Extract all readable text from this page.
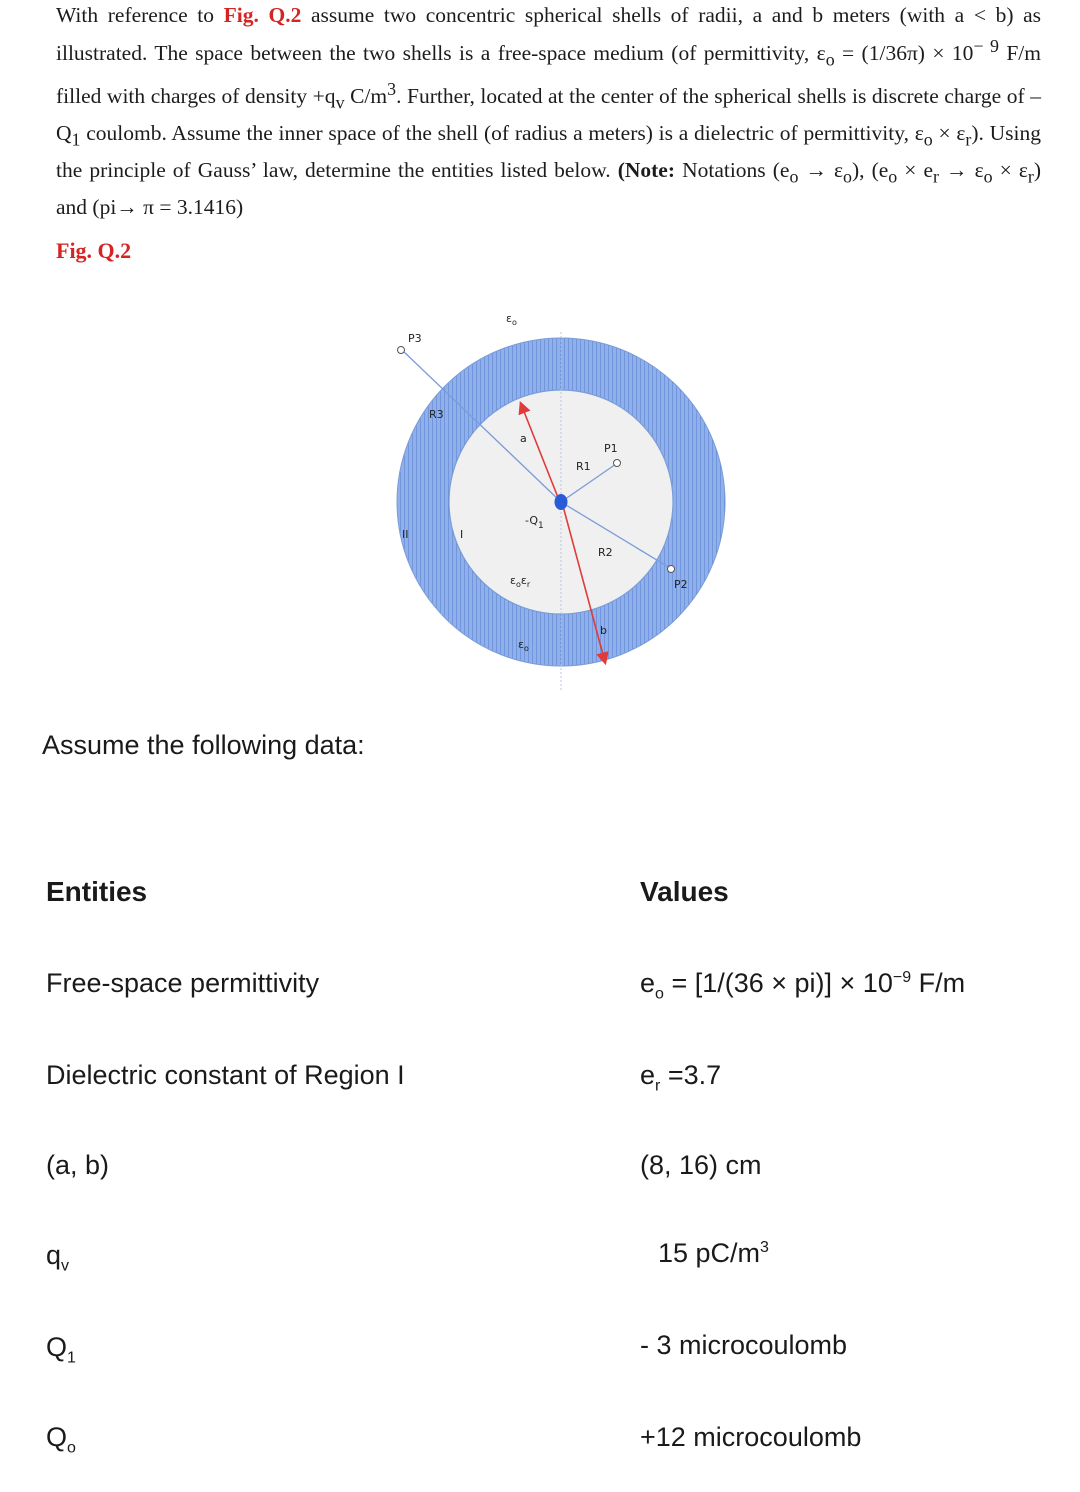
With reference to Fig. Q.2 assume two concentric spherical shells of radii, a and b meters (with a < b) as illustrated. The space between the two shells is a free-space medium (of permittivity, $\varepsilon_o = (1/36\pi) \times 10^{- 9}$ F/m filled with charges of density $+q_v$ $C/m^3$. Further, located at the center of the spherical shells is discrete charge of – $Q_1$ coulomb. Assume the inner space of the shell (of radius a meters) is a dielectric of permittivity, $\varepsilon_o \times \varepsilon_r$). Using the principle of Gauss’ law, determine the entities listed below. (Note: Notations $(e_o \to \varepsilon_o)$, $(e_o \times e_r \to \varepsilon_o \times \varepsilon_r)$ and (pi→ π = 3.1416)
Fig. Q.2
P3
P1
P2
R3
R1
R2
a
b
$-Q_1$
I
II
$\varepsilon_o$
$\varepsilon_o\varepsilon_r$
$\varepsilon_o$
Assume the following data:
Entities	Values
Free-space permittivity	$e_o = [1/(36 \times pi)] \times 10^{-9}$ F/m
Dielectric constant of Region I	$e_r =3.7$
(a, b)	(8, 16) cm
$q_v$	15 $pC/m^3$
$Q_1$	- 3 microcoulomb
$Q_o$	+12 microcoulomb
